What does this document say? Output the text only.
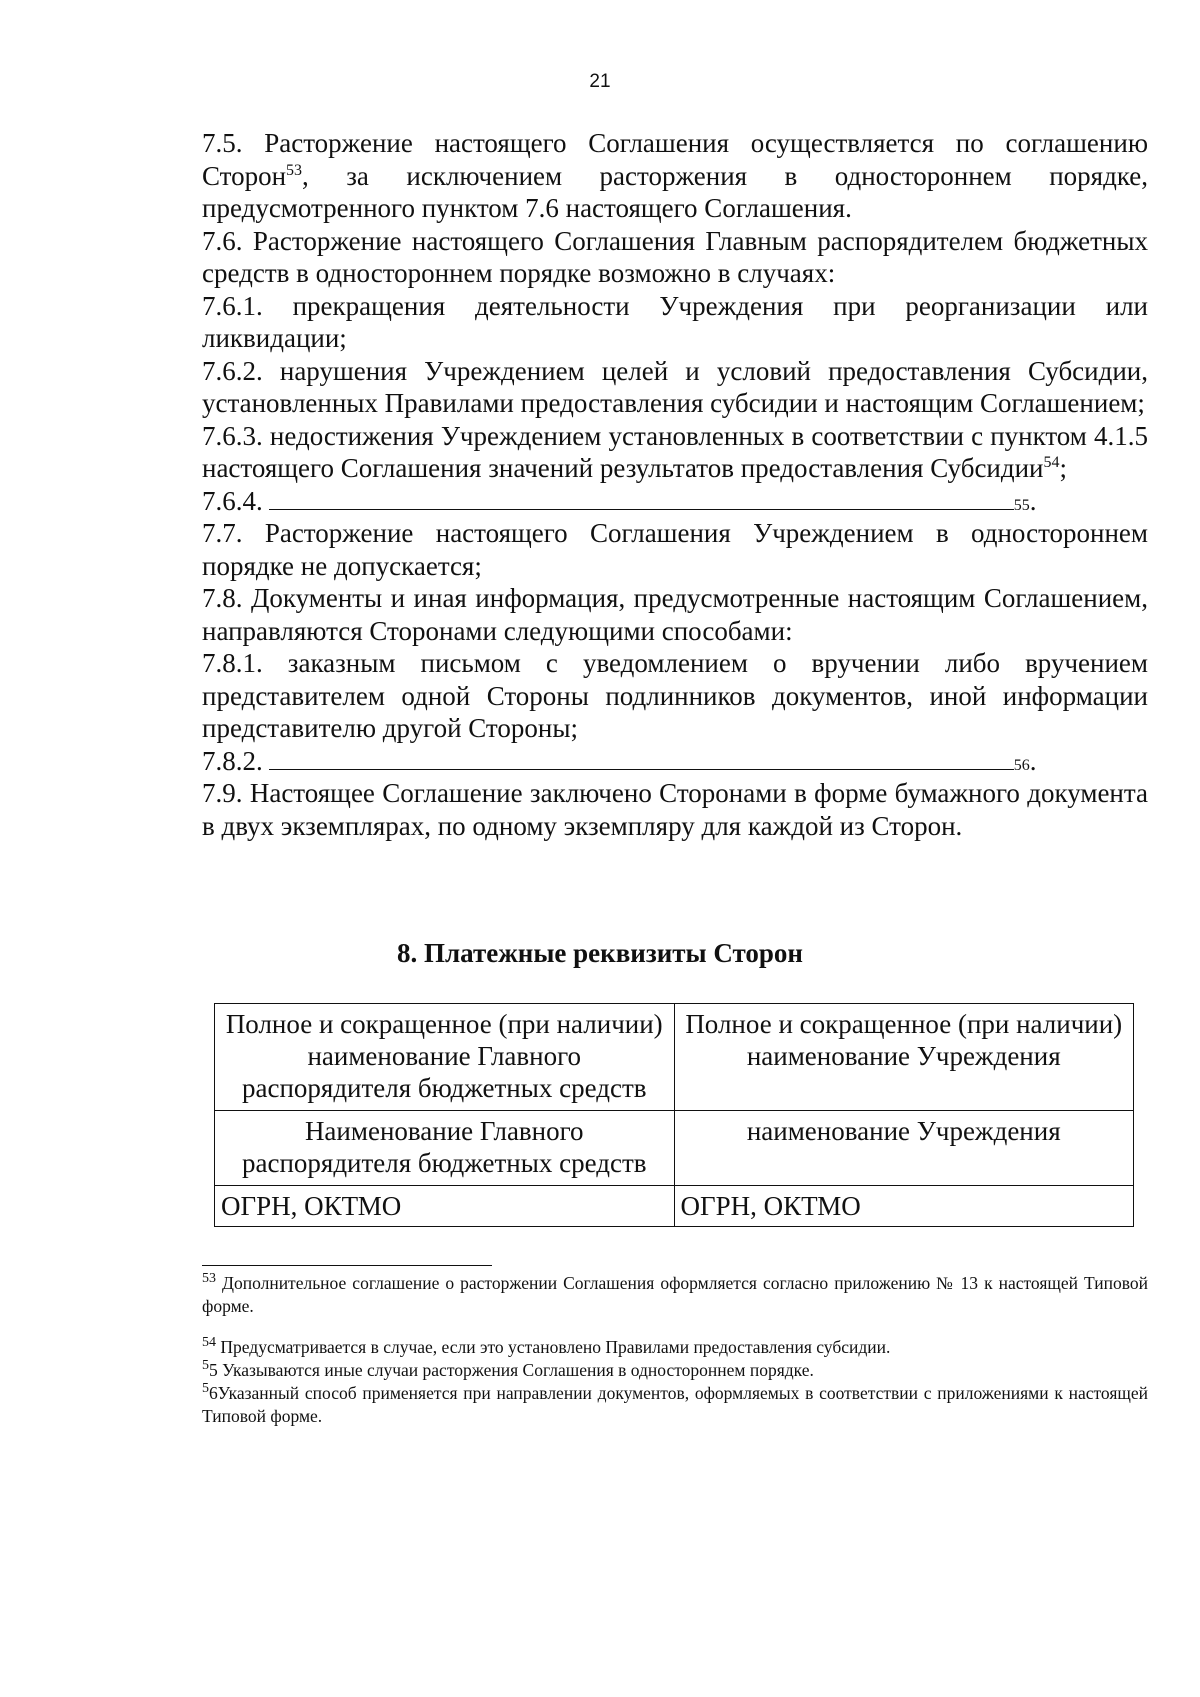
21

7.5. Расторжение настоящего Соглашения осуществляется по соглашению Сторон$^{53}$, за исключением расторжения в одностороннем порядке, предусмотренного пунктом 7.6 настоящего Соглашения.

7.6. Расторжение настоящего Соглашения Главным распорядителем бюджетных средств в одностороннем порядке возможно в случаях:

7.6.1. прекращения деятельности Учреждения при реорганизации или ликвидации;

7.6.2. нарушения Учреждением целей и условий предоставления Субсидии, установленных Правилами предоставления субсидии и настоящим Соглашением;

7.6.3. недостижения Учреждением установленных в соответствии с пунктом 4.1.5 настоящего Соглашения значений результатов предоставления Субсидии$^{54}$;

7.6.4.	55 .

7.7. Расторжение настоящего Соглашения Учреждением в одностороннем порядке не допускается;

7.8. Документы и иная информация, предусмотренные настоящим Соглашением, направляются Сторонами следующими способами:

7.8.1. заказным письмом с уведомлением о вручении либо вручением представителем одной Стороны подлинников документов, иной информации представителю другой Стороны;

7.8.2.	56 .

7.9. Настоящее Соглашение заключено Сторонами в форме бумажного документа в двух экземплярах, по одному экземпляру для каждой из Сторон.

8. Платежные реквизиты Сторон
Полное и сокращенное (при наличии) наименование Главного распорядителя бюджетных средств	Полное и сокращенное (при наличии) наименование Учреждения
Наименование Главного распорядителя бюджетных средств	наименование Учреждения
ОГРН, ОКТМО	ОГРН, ОКТМО

$^{53}$ Дополнительное соглашение о расторжении Соглашения оформляется согласно приложению № 13 к настоящей Типовой форме.

$^{54}$ Предусматривается в случае, если это установлено Правилами предоставления субсидии.

$^5$5 Указываются иные случаи расторжения Соглашения в одностороннем порядке.

$^5$6Указанный способ применяется при направлении документов, оформляемых в соответствии с приложениями к настоящей Типовой форме.
